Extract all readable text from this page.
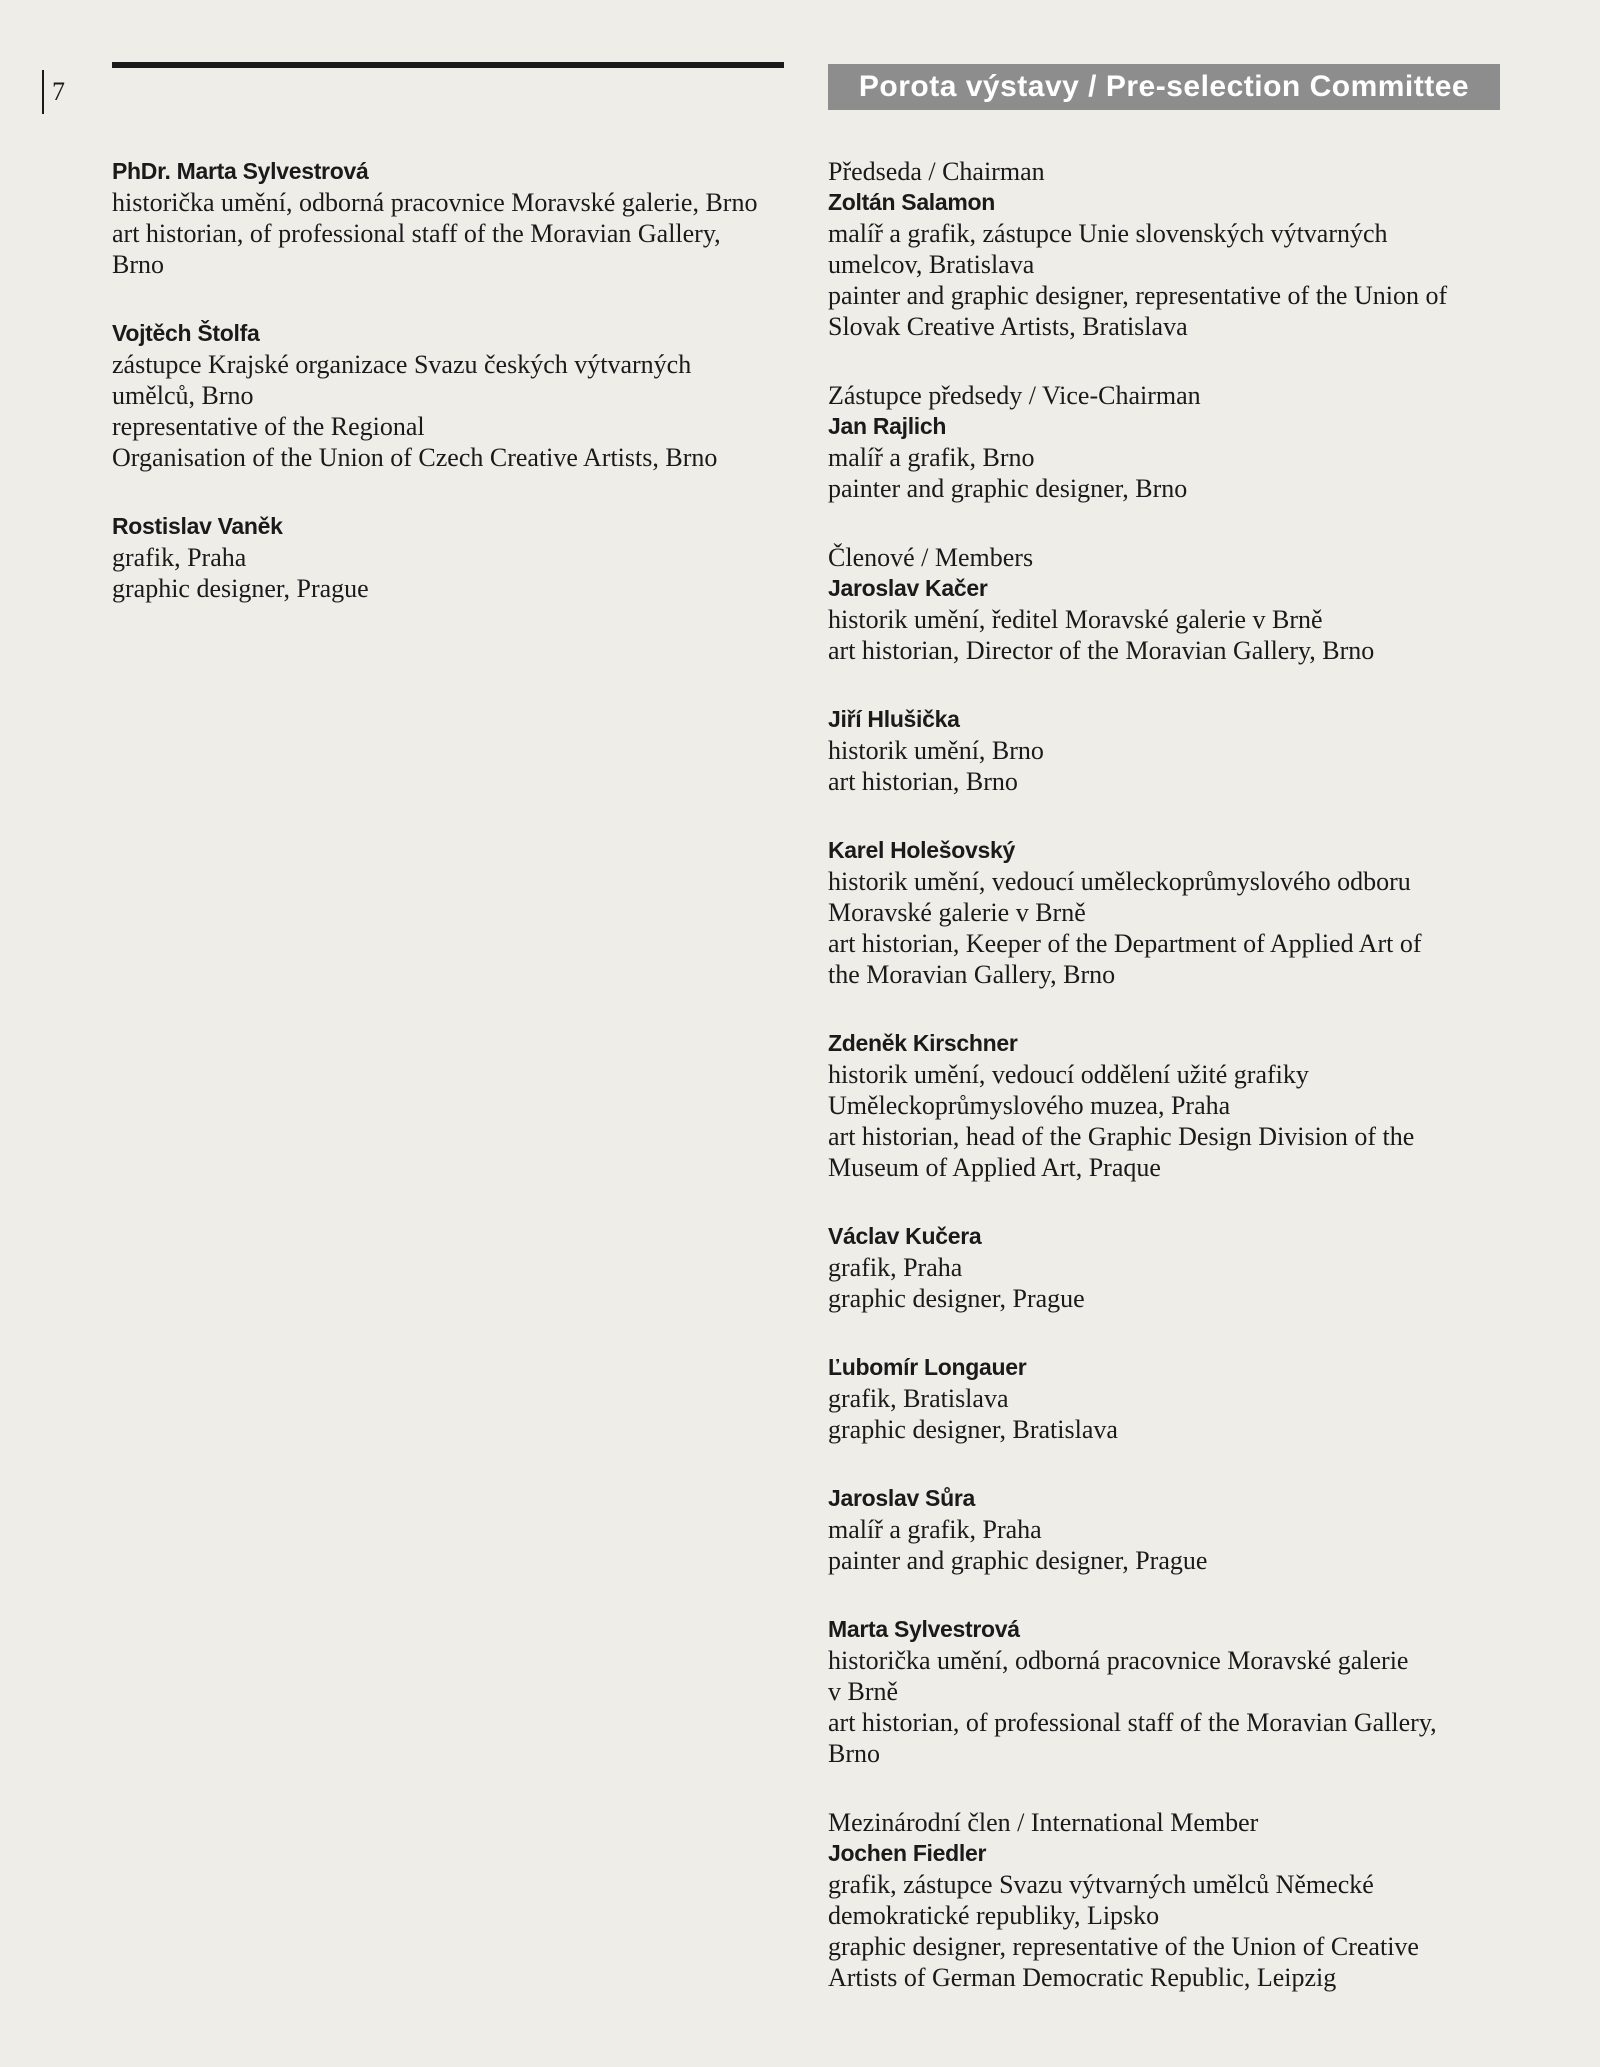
7	Porota výstavy / Pre-selection Committee
PhDr. Marta Sylvestrová
historička umění, odborná pracovnice Moravské galerie, Brno
art historian, of professional staff of the Moravian Gallery,
Brno
Vojtěch Štolfa
zástupce Krajské organizace Svazu českých výtvarných
umělců, Brno
representative of the Regional
Organisation of the Union of Czech Creative Artists, Brno
Rostislav Vaněk
grafik, Praha
graphic designer, Prague
Předseda / Chairman
Zoltán Salamon
malíř a grafik, zástupce Unie slovenských výtvarných
umelcov, Bratislava
painter and graphic designer, representative of the Union of
Slovak Creative Artists, Bratislava
Zástupce předsedy / Vice-Chairman
Jan Rajlich
malíř a grafik, Brno
painter and graphic designer, Brno
Členové / Members
Jaroslav Kačer
historik umění, ředitel Moravské galerie v Brně
art historian, Director of the Moravian Gallery, Brno
Jiří Hlušička
historik umění, Brno
art historian, Brno
Karel Holešovský
historik umění, vedoucí uměleckoprůmyslového odboru
Moravské galerie v Brně
art historian, Keeper of the Department of Applied Art of
the Moravian Gallery, Brno
Zdeněk Kirschner
historik umění, vedoucí oddělení užité grafiky
Uměleckoprůmyslového muzea, Praha
art historian, head of the Graphic Design Division of the
Museum of Applied Art, Praque
Václav Kučera
grafik, Praha
graphic designer, Prague
Ľubomír Longauer
grafik, Bratislava
graphic designer, Bratislava
Jaroslav Sůra
malíř a grafik, Praha
painter and graphic designer, Prague
Marta Sylvestrová
historička umění, odborná pracovnice Moravské galerie
v Brně
art historian, of professional staff of the Moravian Gallery,
Brno
Mezinárodní člen / International Member
Jochen Fiedler
grafik, zástupce Svazu výtvarných umělců Německé
demokratické republiky, Lipsko
graphic designer, representative of the Union of Creative
Artists of German Democratic Republic, Leipzig
